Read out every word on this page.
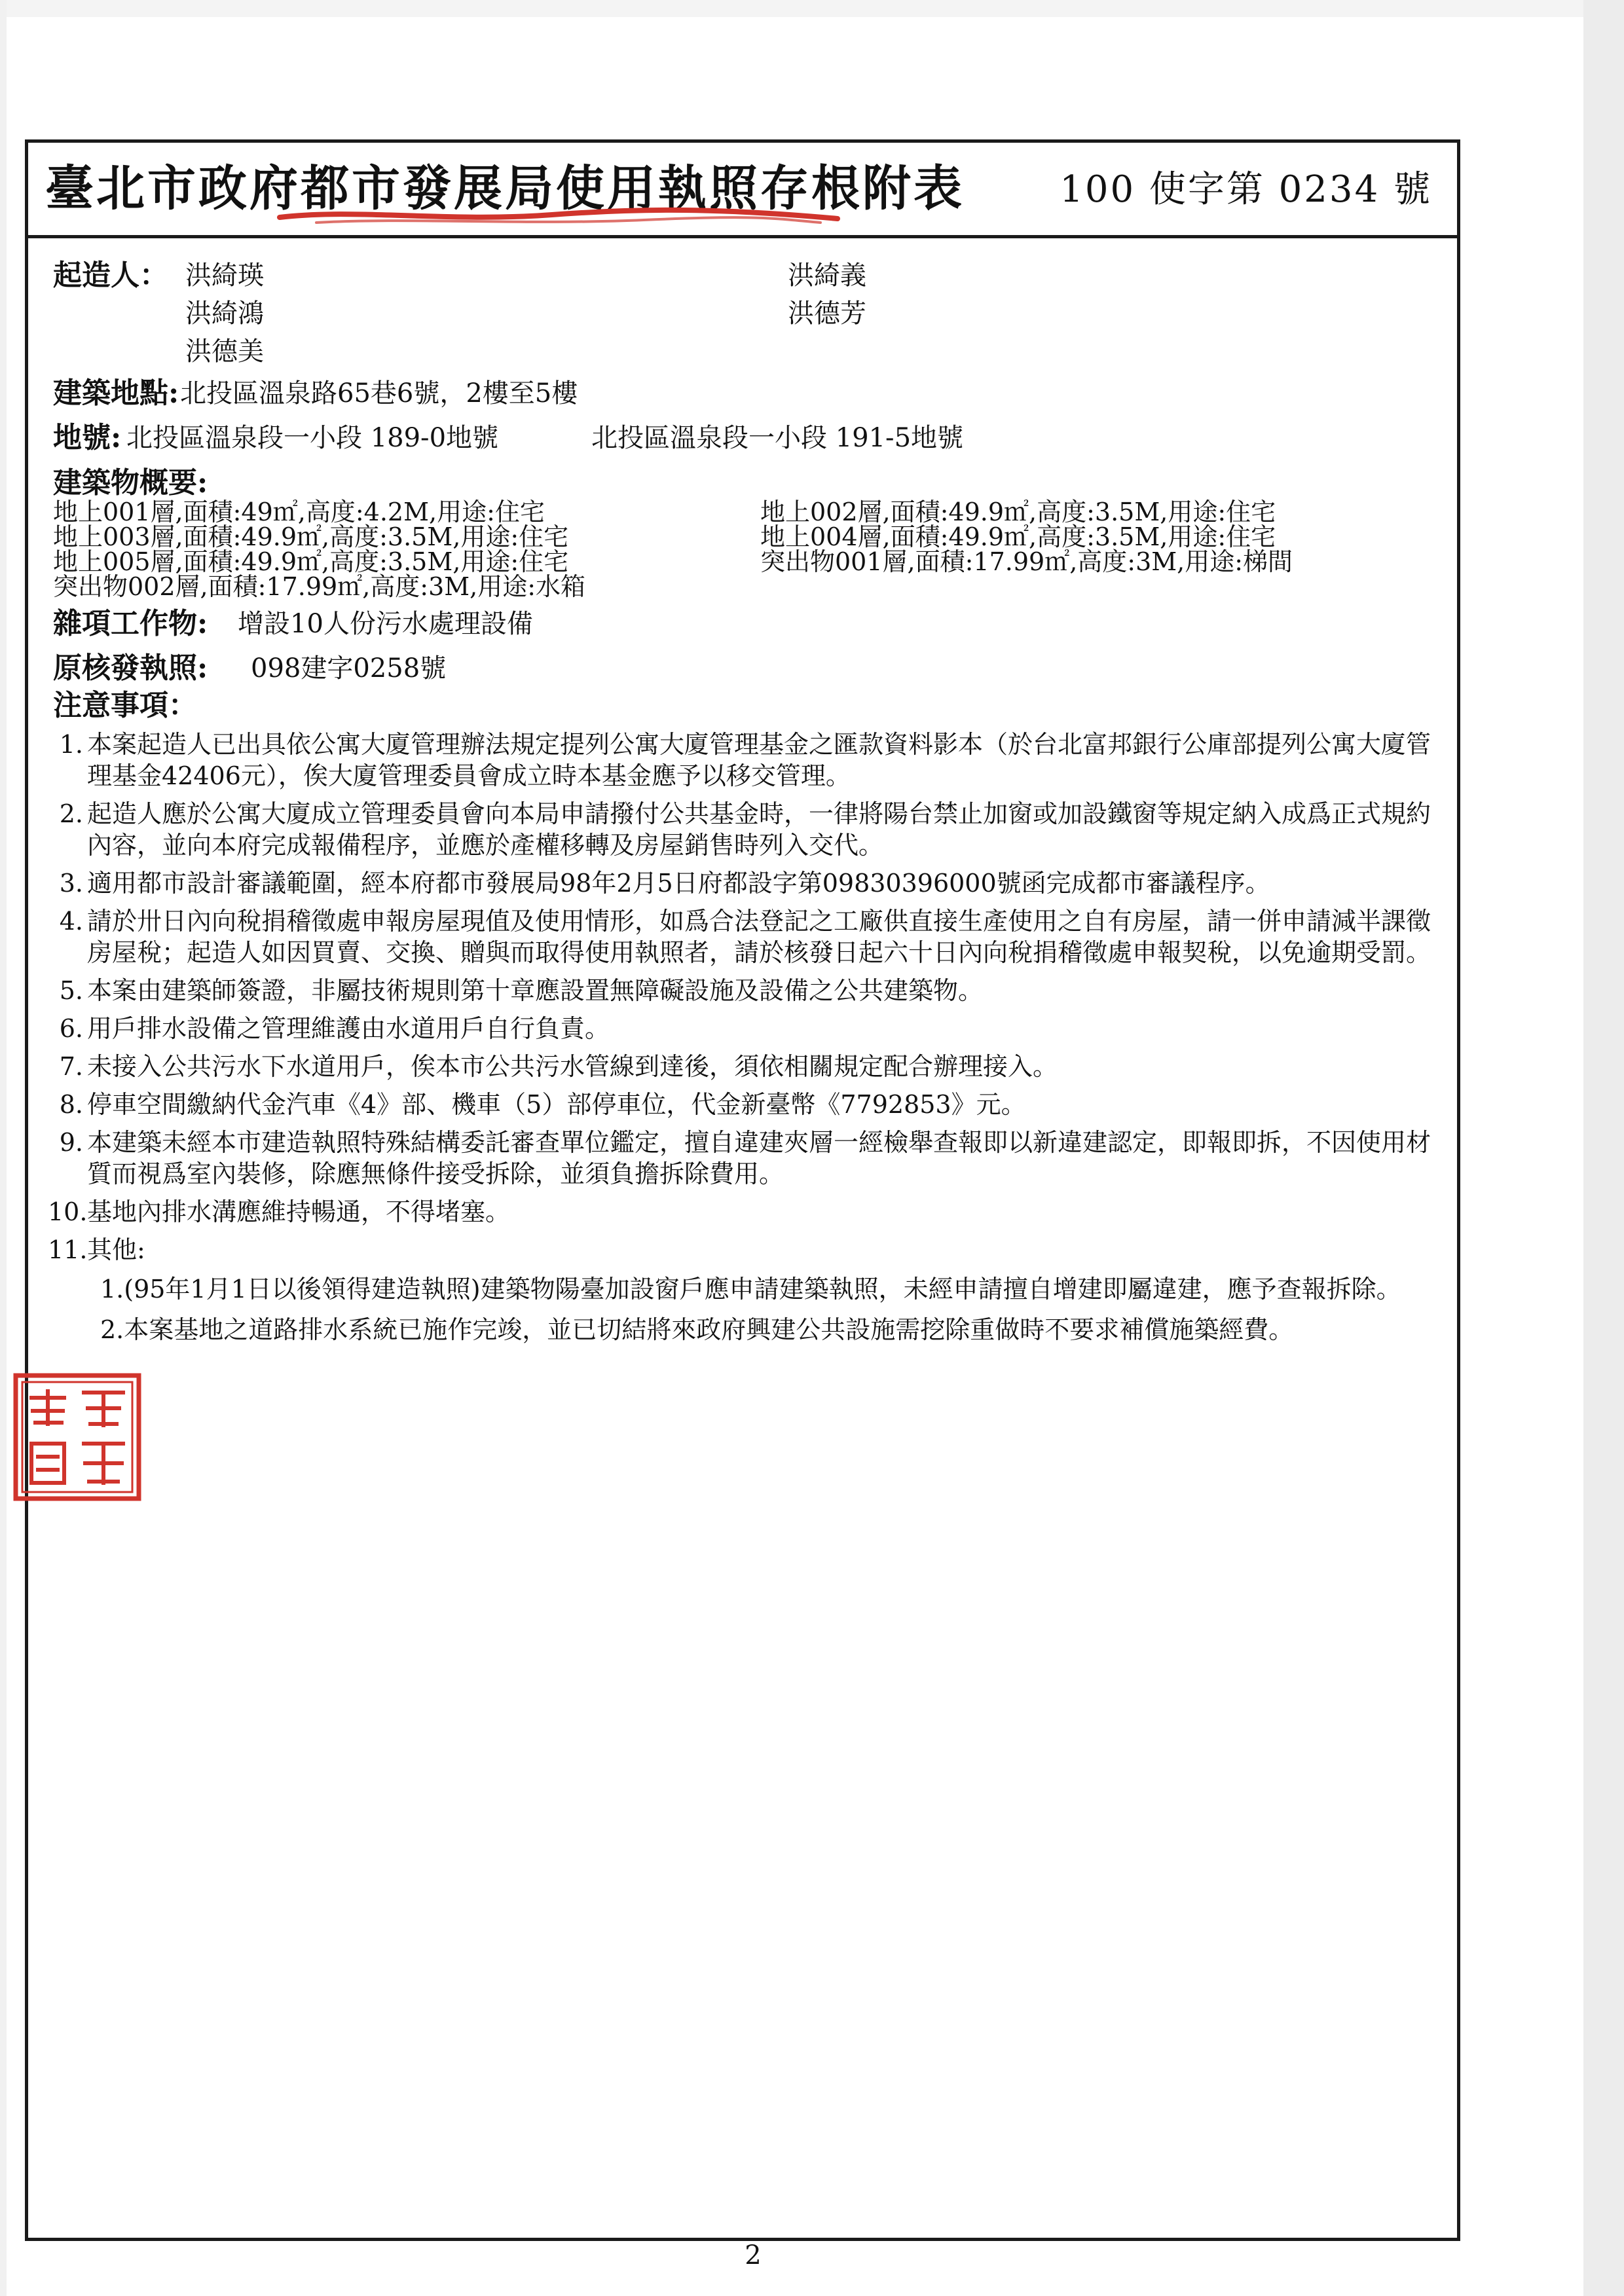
臺北市政府都市發展局使用執照存根附表	100 使字第 0234 號
起造人： 洪綺瑛
洪綺鴻
洪德美
洪綺義
洪德芳
建築地點: 北投區溫泉路65巷6號，2樓至5樓
地號: 北投區溫泉段一小段 189-0地號	北投區溫泉段一小段 191-5地號
建築物概要:
地上001層,面積:49㎡,高度:4.2M,用途:住宅
地上003層,面積:49.9㎡,高度:3.5M,用途:住宅
地上005層,面積:49.9㎡,高度:3.5M,用途:住宅
突出物002層,面積:17.99㎡,高度:3M,用途:水箱
地上002層,面積:49.9㎡,高度:3.5M,用途:住宅
地上004層,面積:49.9㎡,高度:3.5M,用途:住宅
突出物001層,面積:17.99㎡,高度:3M,用途:梯間
雜項工作物: 增設10人份污水處理設備
原核發執照: 098建字0258號
注意事項：
1. 本案起造人已出具依公寓大廈管理辦法規定提列公寓大廈管理基金之匯款資料影本（於台北富邦銀行公庫部提列公寓大廈管理基金42406元），俟大廈管理委員會成立時本基金應予以移交管理。
2. 起造人應於公寓大廈成立管理委員會向本局申請撥付公共基金時，一律將陽台禁止加窗或加設鐵窗等規定納入成爲正式規約內容，並向本府完成報備程序，並應於產權移轉及房屋銷售時列入交代。
3. 適用都市設計審議範圍，經本府都市發展局98年2月5日府都設字第09830396000號函完成都市審議程序。
4. 請於卅日內向稅捐稽徵處申報房屋現值及使用情形，如爲合法登記之工廠供直接生產使用之自有房屋，請一併申請減半課徵房屋稅；起造人如因買賣、交換、贈與而取得使用執照者，請於核發日起六十日內向稅捐稽徵處申報契稅，以免逾期受罰。
5. 本案由建築師簽證，非屬技術規則第十章應設置無障礙設施及設備之公共建築物。
6. 用戶排水設備之管理維護由水道用戶自行負責。
7. 未接入公共污水下水道用戶，俟本市公共污水管線到達後，須依相關規定配合辦理接入。
8. 停車空間繳納代金汽車《4》部、機車（5）部停車位，代金新臺幣《7792853》元。
9. 本建築未經本市建造執照特殊結構委託審查單位鑑定，擅自違建夾層一經檢舉查報即以新違建認定，即報即拆，不因使用材質而視爲室內裝修，除應無條件接受拆除，並須負擔拆除費用。
10. 基地內排水溝應維持暢通，不得堵塞。
11. 其他:
1.(95年1月1日以後領得建造執照)建築物陽臺加設窗戶應申請建築執照，未經申請擅自增建即屬違建，應予查報拆除。
2.本案基地之道路排水系統已施作完竣，並已切結將來政府興建公共設施需挖除重做時不要求補償施築經費。
2
